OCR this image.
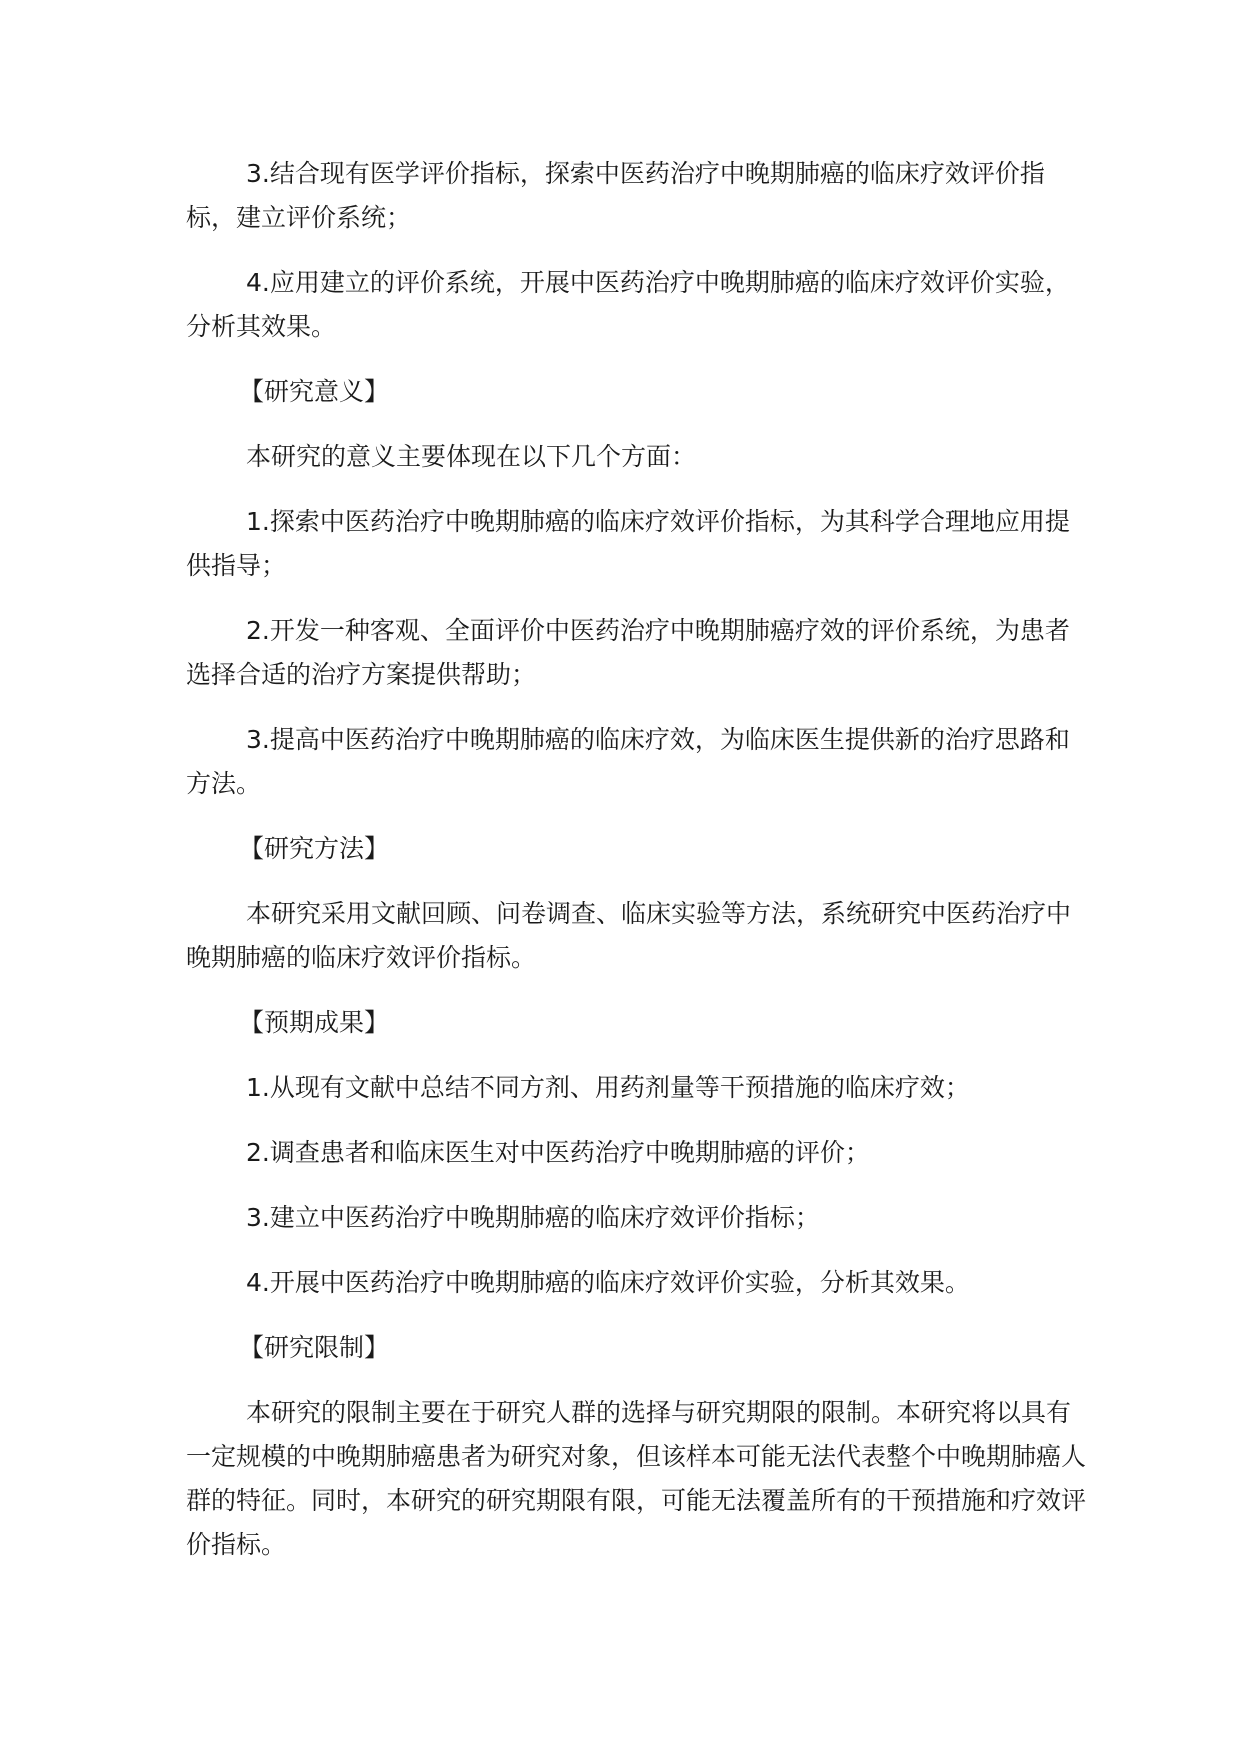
3.结合现有医学评价指标，探索中医药治疗中晚期肺癌的临床疗效评价指标，建立评价系统；

4.应用建立的评价系统，开展中医药治疗中晚期肺癌的临床疗效评价实验，分析其效果。

【研究意义】

本研究的意义主要体现在以下几个方面：

1.探索中医药治疗中晚期肺癌的临床疗效评价指标，为其科学合理地应用提供指导；

2.开发一种客观、全面评价中医药治疗中晚期肺癌疗效的评价系统，为患者选择合适的治疗方案提供帮助；

3.提高中医药治疗中晚期肺癌的临床疗效，为临床医生提供新的治疗思路和方法。

【研究方法】

本研究采用文献回顾、问卷调查、临床实验等方法，系统研究中医药治疗中晚期肺癌的临床疗效评价指标。

【预期成果】

1.从现有文献中总结不同方剂、用药剂量等干预措施的临床疗效；

2.调查患者和临床医生对中医药治疗中晚期肺癌的评价；

3.建立中医药治疗中晚期肺癌的临床疗效评价指标；

4.开展中医药治疗中晚期肺癌的临床疗效评价实验，分析其效果。

【研究限制】

本研究的限制主要在于研究人群的选择与研究期限的限制。本研究将以具有一定规模的中晚期肺癌患者为研究对象，但该样本可能无法代表整个中晚期肺癌人群的特征。同时，本研究的研究期限有限，可能无法覆盖所有的干预措施和疗效评价指标。
